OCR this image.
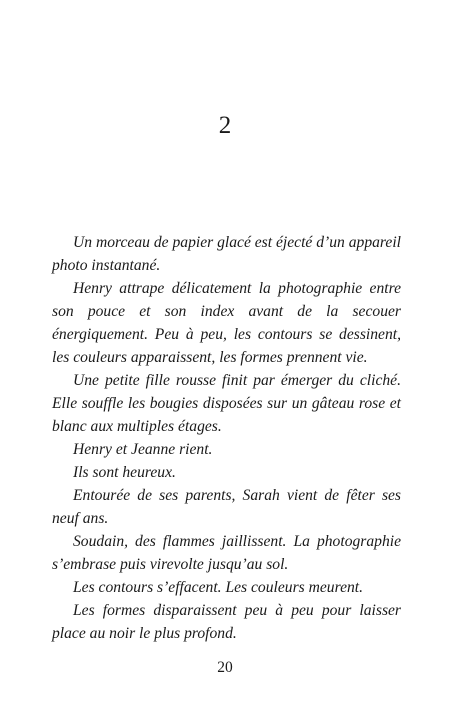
2

Un morceau de papier glacé est éjecté d’un appareil photo instantané.

Henry attrape délicatement la photographie entre son pouce et son index avant de la secouer énergiquement. Peu à peu, les contours se dessinent, les couleurs apparaissent, les formes prennent vie.

Une petite fille rousse finit par émerger du cliché. Elle souffle les bougies disposées sur un gâteau rose et blanc aux multiples étages.

Henry et Jeanne rient.

Ils sont heureux.

Entourée de ses parents, Sarah vient de fêter ses neuf ans.

Soudain, des flammes jaillissent. La photographie s’embrase puis virevolte jusqu’au sol.

Les contours s’effacent. Les couleurs meurent.

Les formes disparaissent peu à peu pour laisser place au noir le plus profond.

20
